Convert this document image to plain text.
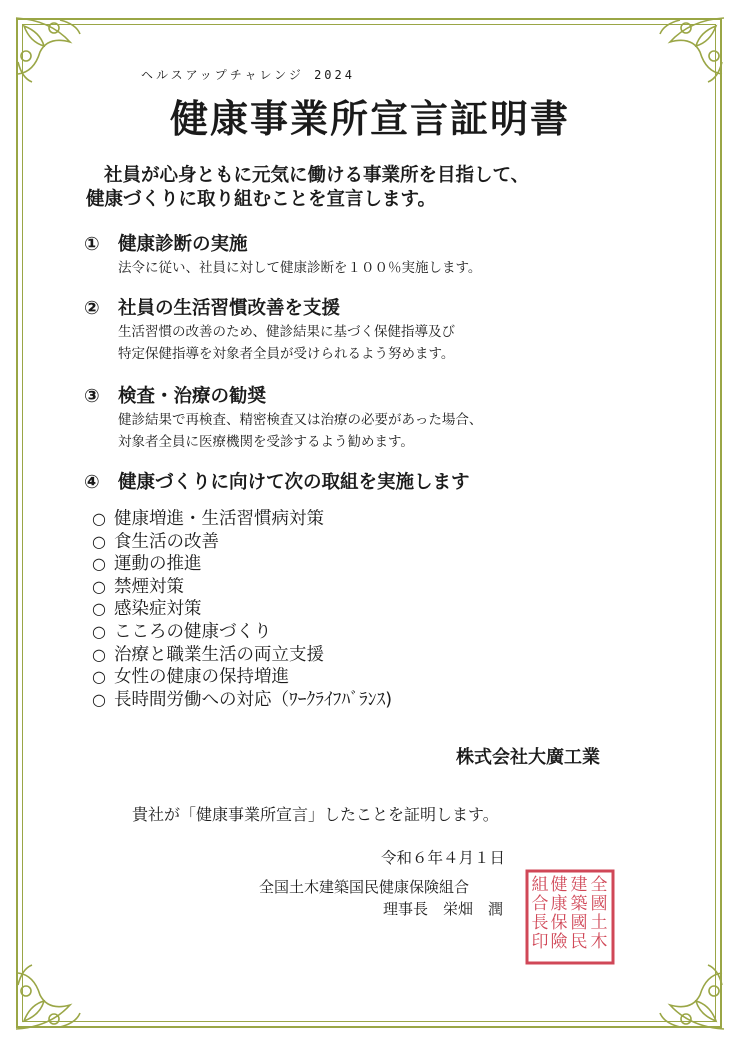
ヘルスアップチャレンジ 2024
健康事業所宣言証明書
社員が心身ともに元気に働ける事業所を目指して、
健康づくりに取り組むことを宣言します。
① 健康診断の実施
法令に従い、社員に対して健康診断を１００％実施します。
② 社員の生活習慣改善を支援
生活習慣の改善のため、健診結果に基づく保健指導及び
特定保健指導を対象者全員が受けられるよう努めます。
③ 検査・治療の勧奨
健診結果で再検査、精密検査又は治療の必要があった場合、
対象者全員に医療機関を受診するよう勧めます。
④ 健康づくりに向けて次の取組を実施します
○ 健康増進・生活習慣病対策
○ 食生活の改善
○ 運動の推進
○ 禁煙対策
○ 感染症対策
○ こころの健康づくり
○ 治療と職業生活の両立支援
○ 女性の健康の保持増進
○ 長時間労働への対応（ﾜｰｸﾗｲﾌﾊﾞﾗﾝｽ)
株式会社大廣工業
貴社が「健康事業所宣言」したことを証明します。
令和６年４月１日
全国土木建築国民健康保険組合
理事長　栄畑　潤
全
國
土
木
建
築
國
民
健
康
保
險
組
合
長
印
